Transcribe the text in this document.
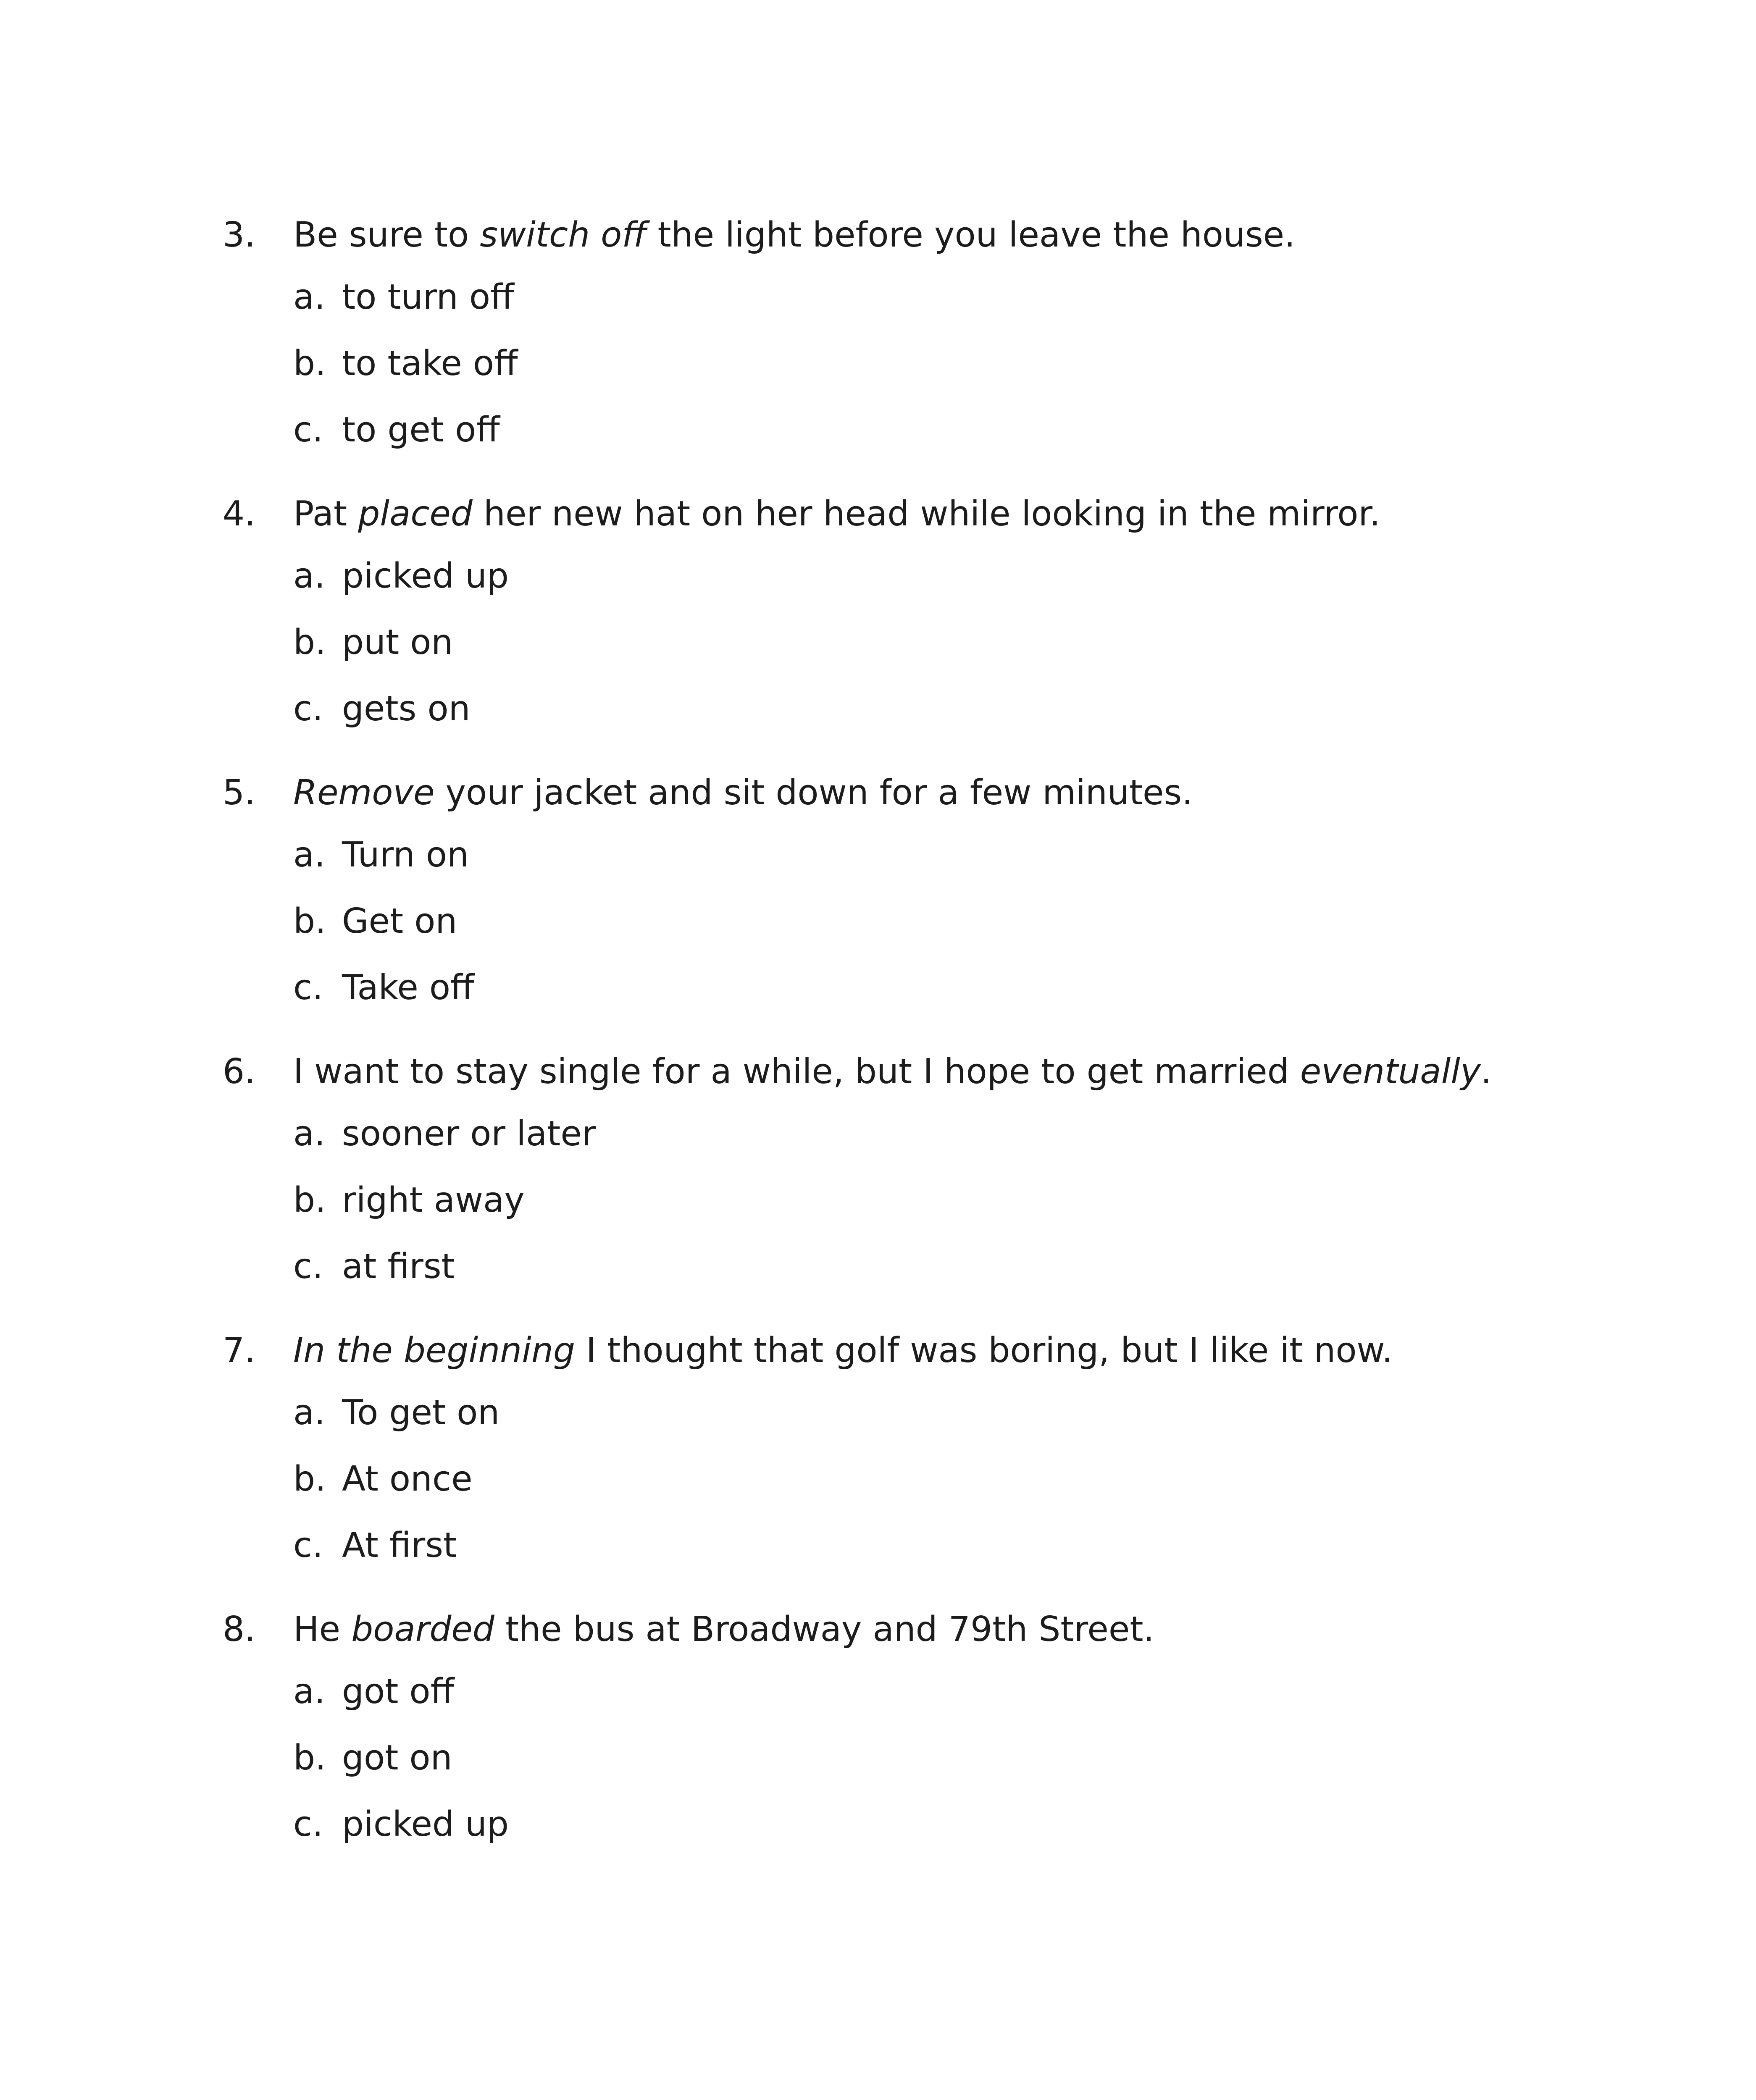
3.	Be sure to switch off the light before you leave the house.
a. to turn off
b. to take off
c. to get off
4.	Pat placed her new hat on her head while looking in the mirror.
a. picked up
b. put on
c. gets on
5.	Remove your jacket and sit down for a few minutes.
a. Turn on
b. Get on
c. Take off
6.	I want to stay single for a while, but I hope to get married eventually.
a. sooner or later
b. right away
c. at first
7.	In the beginning I thought that golf was boring, but I like it now.
a. To get on
b. At once
c. At first
8.	He boarded the bus at Broadway and 79th Street.
a. got off
b. got on
c. picked up
